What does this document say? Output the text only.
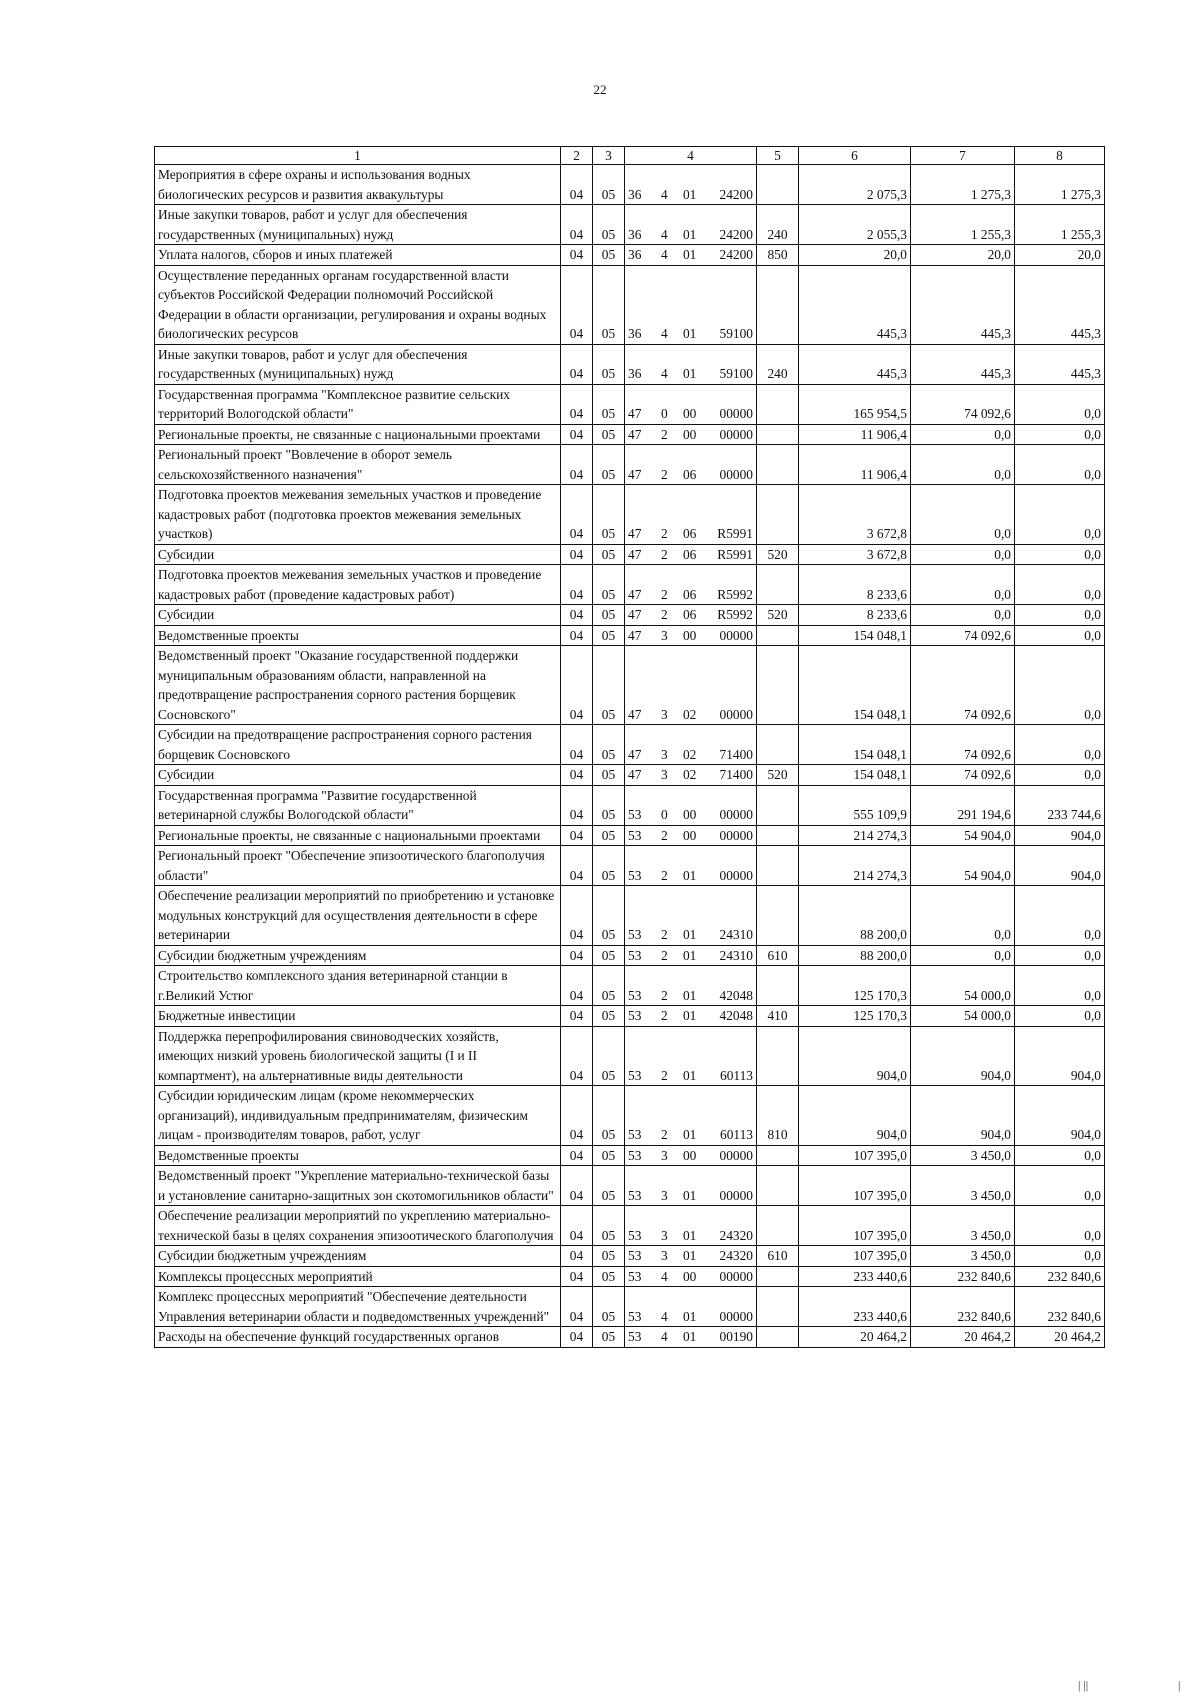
22
1	2	3	4	5	6	7	8
Мероприятия в сфере охраны и использования водных биологических ресурсов и развития аквакультуры	04	05	36 4 01 24200		2 075,3	1 275,3	1 275,3
Иные закупки товаров, работ и услуг для обеспечения государственных (муниципальных) нужд	04	05	36 4 01 24200	240	2 055,3	1 255,3	1 255,3
Уплата налогов, сборов и иных платежей	04	05	36 4 01 24200	850	20,0	20,0	20,0
Осуществление переданных органам государственной власти субъектов Российской Федерации полномочий Российской Федерации в области организации, регулирования и охраны водных биологических ресурсов	04	05	36 4 01 59100		445,3	445,3	445,3
Иные закупки товаров, работ и услуг для обеспечения государственных (муниципальных) нужд	04	05	36 4 01 59100	240	445,3	445,3	445,3
Государственная программа "Комплексное развитие сельских территорий Вологодской области"	04	05	47 0 00 00000		165 954,5	74 092,6	0,0
Региональные проекты, не связанные с национальными проектами	04	05	47 2 00 00000		11 906,4	0,0	0,0
Региональный проект "Вовлечение в оборот земель сельскохозяйственного назначения"	04	05	47 2 06 00000		11 906,4	0,0	0,0
Подготовка проектов межевания земельных участков и проведение кадастровых работ (подготовка проектов межевания земельных участков)	04	05	47 2 06 R5991		3 672,8	0,0	0,0
Субсидии	04	05	47 2 06 R5991	520	3 672,8	0,0	0,0
Подготовка проектов межевания земельных участков и проведение кадастровых работ (проведение кадастровых работ)	04	05	47 2 06 R5992		8 233,6	0,0	0,0
Субсидии	04	05	47 2 06 R5992	520	8 233,6	0,0	0,0
Ведомственные проекты	04	05	47 3 00 00000		154 048,1	74 092,6	0,0
Ведомственный проект "Оказание государственной поддержки муниципальным образованиям области, направленной на предотвращение распространения сорного растения борщевик Сосновского"	04	05	47 3 02 00000		154 048,1	74 092,6	0,0
Субсидии на предотвращение распространения сорного растения борщевик Сосновского	04	05	47 3 02 71400		154 048,1	74 092,6	0,0
Субсидии	04	05	47 3 02 71400	520	154 048,1	74 092,6	0,0
Государственная программа "Развитие государственной ветеринарной службы Вологодской области"	04	05	53 0 00 00000		555 109,9	291 194,6	233 744,6
Региональные проекты, не связанные с национальными проектами	04	05	53 2 00 00000		214 274,3	54 904,0	904,0
Региональный проект "Обеспечение эпизоотического благополучия области"	04	05	53 2 01 00000		214 274,3	54 904,0	904,0
Обеспечение реализации мероприятий по приобретению и установке модульных конструкций для осуществления деятельности в сфере ветеринарии	04	05	53 2 01 24310		88 200,0	0,0	0,0
Субсидии бюджетным учреждениям	04	05	53 2 01 24310	610	88 200,0	0,0	0,0
Строительство комплексного здания ветеринарной станции в г.Великий Устюг	04	05	53 2 01 42048		125 170,3	54 000,0	0,0
Бюджетные инвестиции	04	05	53 2 01 42048	410	125 170,3	54 000,0	0,0
Поддержка перепрофилирования свиноводческих хозяйств, имеющих низкий уровень биологической защиты (I и II компартмент), на альтернативные виды деятельности	04	05	53 2 01 60113		904,0	904,0	904,0
Субсидии юридическим лицам (кроме некоммерческих организаций), индивидуальным предпринимателям, физическим лицам - производителям товаров, работ, услуг	04	05	53 2 01 60113	810	904,0	904,0	904,0
Ведомственные проекты	04	05	53 3 00 00000		107 395,0	3 450,0	0,0
Ведомственный проект "Укрепление материально-технической базы и установление санитарно-защитных зон скотомогильников области"	04	05	53 3 01 00000		107 395,0	3 450,0	0,0
Обеспечение реализации мероприятий по укреплению материально-технической базы в целях сохранения эпизоотического благополучия	04	05	53 3 01 24320		107 395,0	3 450,0	0,0
Субсидии бюджетным учреждениям	04	05	53 3 01 24320	610	107 395,0	3 450,0	0,0
Комплексы процессных мероприятий	04	05	53 4 00 00000		233 440,6	232 840,6	232 840,6
Комплекс процессных мероприятий "Обеспечение деятельности Управления ветеринарии области и подведомственных учреждений"	04	05	53 4 01 00000		233 440,6	232 840,6	232 840,6
Расходы на обеспечение функций государственных органов	04	05	53 4 01 00190		20 464,2	20 464,2	20 464,2
| ||	|
